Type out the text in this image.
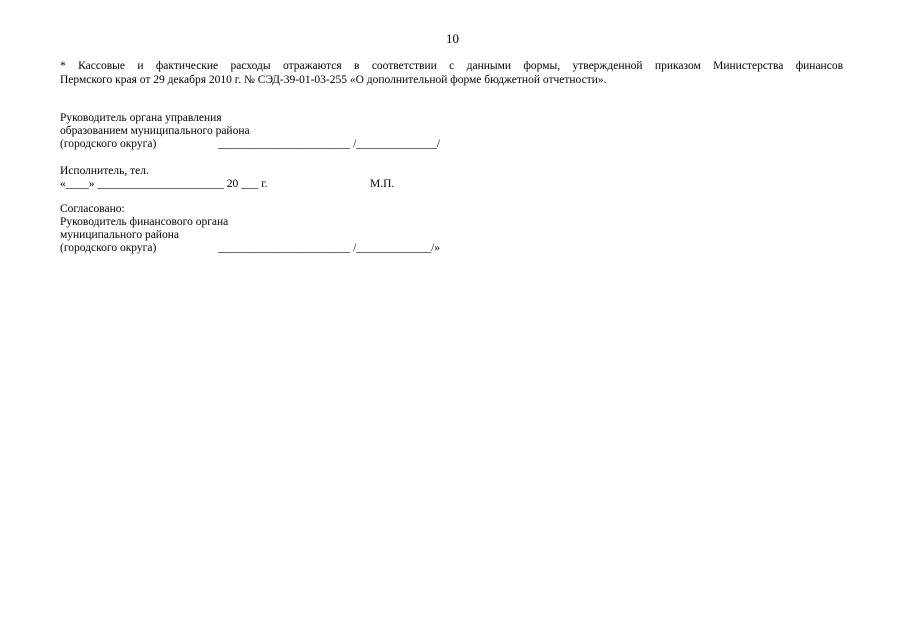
10
* Кассовые и фактические расходы отражаются в соответствии с данными формы, утвержденной приказом Министерства финансов
Пермского края от 29 декабря 2010 г. № СЭД-39-01-03-255 «О дополнительной форме бюджетной отчетности».
Руководитель органа управления
образованием муниципального района
(городского округа)	_______________________ /______________/
Исполнитель, тел.
«____» ______________________ 20 ___ г.	М.П.
Согласовано:
Руководитель финансового органа
муниципального района
(городского округа)	_______________________ /_____________/»
